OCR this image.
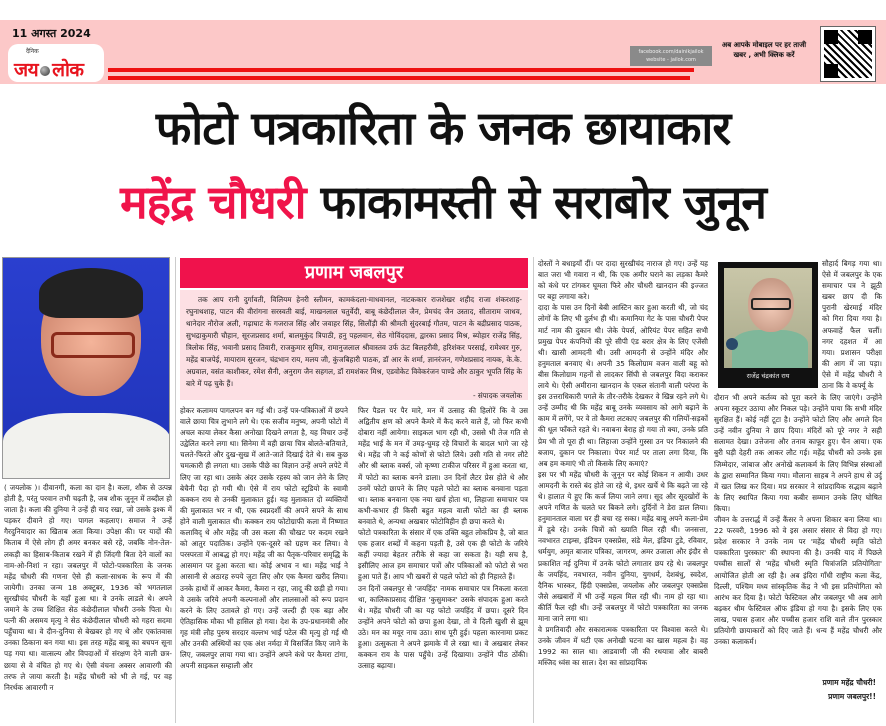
11 अगस्त 2024
दैनिक
जय लोक
facebook.com/dainikjailok
website - jailok.com
अब आपके मोबाइल पर हर ताजी
खबर , अभी क्लिक करें
फोटो पत्रकारिता के जनक छायाकार
महेंद्र चौधरी फाकामस्ती से सराबोर जुनून
( जयलोक )। दीवानगी, कला का दान है। कला, शौक से उत्पन्न होती है, परंतु परवान तभी चढ़ती है, जब शौक जुनून में तब्दील हो जाता है। कला की दुनिया ने उन्हें ही याद रखा, जो उसके इश्क में पड़कर दीवाने हो गए। पागल कहलाए। समाज ने उन्हें गैरदुनियादार का खिताब अता किया। उपेक्षा की। पर यादों की किताब में ऐसे लोग ही अमर बनकर बसे रहे, जबकि नोन-तेल-लकड़ी का हिसाब-किताब रखने में ही जिंदगी बिता देने वालों का नाम-ओ-निशां न रहा। जबलपुर में फोटो-पत्रकारिता के जनक महेंद्र चौधरी की गणना ऐसे ही कला-साधक के रूप में की जायेगी। उनका जन्म 18 अक्टूबर, 1936 को भगतलाल सुरखीचंद चौधरी के यहाँ हुआ था। वे उनके लाडले थे। अपने जमाने के उच्च शिक्षित सेठ कंछेदीलाल चौधरी उनके पिता थे। पत्नी की असमय मृत्यु ने सेठ कंछेदीलाल चौधरी को गहरा सदमा पहुँचाया था। वे दीन-दुनिया से बेखबर हो गए थे और एकांतवास उनका ठिकाना बन गया था। इस तरह महेंद्र बाबू का बचपन सूना पड़ गया था। वात्सल्य और विपदाओं में संरक्षण देने वाली छत्र-छाया से वे वंचित हो गए थे। ऐसी वंचना अक्सर आवारगी की तरफ ले जाया करती है। महेंद्र चौधरी को भी ले गई, पर वह निरर्थक आवारगी न
प्रणाम जबलपुर
तक आप रानी दुर्गावती, विलियम हेनरी स्लीमन, कामकंदला-माधवानल, नाटककार राजशेखर शहीद राजा शंकरशाह-रघुनाथशाह, पाटन की वीरांगना सरस्वती बाई, माखनलाल चतुर्वेदी, बाबू कंछेदीलाल जैन, प्रेमचंद जैन उस्ताद, सीताराम जाधव, थानेदार नौरोज अली, गढ़ाघाट के गजराज सिंह और जवाहर सिंह, सिलौंड़ी की श्रीमती सुंदरबाई गौतम, पाटन के बद्रीप्रसाद पाठक, सुभद्राकुमारी चौहान, सूरजप्रसाद शर्मा, बालमुकुंद त्रिपाठी, हनु पहलवान, सेठ गोविंददास, द्वारका प्रसाद मिश्र, ब्योहार राजेंद्र सिंह, त्रिलोक सिंह, भवानी प्रसाद तिवारी, राजकुमार सुमित्र, रामानुजलाल श्रीवास्तव उर्फ ऊंट बिलहरीवी, हरिशंकर परसाई, रामेश्वर गुरु, महेंद्र बाजपेई, मायाराम सुरजन, चंद्रभान राय, मलय जी, कुंजबिहारी पाठक, डॉ आर के शर्मा, ज्ञानरंजन, गणेशप्रसाद नायक, के.के. अग्रवाल, वसंत काशीकर, रमेश सैनी, अनुराग जैन सहगल, डॉ रामशंकर मिश्र, एडवोकेट विवेकरंजन पाण्डे और ठाकुर भूपति सिंह के बारे में पढ़ चुके हैं।
- संपादक जयलोक
होकर कलामय पागलपन बन गई थी। उन्हें पत्र-पत्रिकाओं में छपने वाले छाया चित्र लुभाने लगे थे। एक सजीव मनुष्य, अपनी फोटो में अचल काया लेकर कैसा अनोखा दिखने लगता है, यह विचार उन्हें उद्वेलित करने लगा था। सिनेमा में वही छाया चित्र बोलते-बतियाते, चलते-फिरते और दुख-सुख में आते-जाते दिखाई देते थे। सब कुछ चमत्कारी ही लगता था। उसके पीछे का विज्ञान उन्हें अपने लपेटे में लिए जा रहा था। उसके अंदर उसके रहस्य को जान लेने के लिए बेचैनी पैदा हो गयी थी। ऐसे में राय फोटो स्टूडियो के स्वामी कक्कन राय से उनकी मुलाकात हुई। यह मुलाकात दो व्यक्तियों की मुलाकात भर न थी, एक स्वप्नदर्शी की अपने सपने के साथ होने वाली मुलाकात थी। कक्कन राय फोटोग्राफी कला में निष्णात कलाविद् थे और महेंद्र जी उस कला की चौखट पर कदम रखने को आतुर पदातिक। उन्होंने एक-दूसरे को ग्रहण कर लिया। वे परस्परता में आबद्ध हो गए। महेंद्र जी का पैतृक-परिवार समृद्धि के आसमान पर हुआ करता था। कोई अभाव न था। महेंद्र भाई ने आसानी से अठारह रुपये जुटा लिए और एक कैमरा खरीद लिया। उनके हाथों में आकर कैमरा, कैमरा न रहा, जादू की छड़ी हो गया। वे उसके जरिये अपनी कल्पनाओं और लालसाओं को रूप प्रदान करने के लिए उतावले हो गए। उन्हें जल्दी ही एक बड़ा और ऐतिहासिक मौका भी हासिल हो गया। देश के उप-प्रधानमंत्री और गृह मंत्री लौह पुरुष सरदार वल्लभ भाई पटेल की मृत्यु हो गई थी और उनकी अस्थियों का एक अंश नर्मदा में विसर्जित किए जाने के लिए, जबलपुर लाया गया था। उन्होंने अपने कंधे पर कैमरा टांगा, अपनी साइकल सम्हाली और
फिर पैडल पर पैर मारे, मन में उत्साह की हिलोरें कि वे उस अद्वितीय क्षण को अपने कैमरे में कैद करने वाले हैं, जो फिर कभी दोबारा नहीं आयेगा। साइकल भाग रही थी, उससे भी तेज गति से महेंद्र भाई के मन में उमड़-घुमड़ रहे विचारों के बादल भागे जा रहे थे। महेंद्र जी ने कई कोणों से फोटो लिये। उसी गति से नगर लौटे और श्री ब्लाक वर्क्स, जो कृष्णा टाकीज परिसर में हुआ करता था, में फोटो का ब्लाक बनने डाला। उन दिनों लैटर प्रेस होते थे और उनमें फोटो छापने के लिए पहले फोटो का ब्लाक बनवाना पड़ता था। ब्लाक बनवाना एक नया खर्च होता था, लिहाजा समाचार पत्र कभी-कभार ही किसी बहुत महत्व वाली फोटो का ही ब्लाक बनवाते थे, अन्यथा अखबार फोटोविहीन ही छपा करते थे।
फोटो पत्रकारिता के संसार में एक उक्ति बहुत लोकप्रिय है, जो बात एक हजार शब्दों में कहना पड़ती है, उसे एक ही फोटो के जरिये कहीं ज्यादा बेहतर तरीके से कहा जा सकता है। यही सच है, इसीलिए आज हम समाचार पत्रों और पत्रिकाओं को फोटो से भरा हुआ पाते हैं। आप भी खबरों से पहले फोटो को ही निहारते हैं।
उन दिनों जबलपुर से 'जयहिंद' नामक समाचार पत्र निकला करता था, कालिकाप्रसाद दीक्षित 'कुसुमाकर' उसके संपादक हुआ करते थे। महेंद्र चौधरी जी का यह फोटो जयहिंद में छपा। दूसरे दिन उन्होंने अपने फोटो को छपा हुआ देखा, तो वे दिली खुशी से झूम उठे। मन का मयूर नाच उठा। साध पूरी हुई। पहला कारनामा प्रकट हुआ। उत्सुकता ने अपने झमाके में ले रखा था। वे अखबार लेकर कक्कन राय के पास पहुँचे। उन्हें दिखाया। उन्होंने पीठ ठोंकी। उत्साह बढ़ाया।
दोस्तों ने बधाइयाँ दीं। पर दादा सुरखीचंद नाराज हो गए। उन्हें यह बात जरा भी गवारा न थी, कि एक अमीर घराने का लड़का कैमरे को कंधे पर टांगकर घूमता फिरे और चौधरी खानदान की इज्जत पर बट्टा लगाया करे।
दादा के पास उन दिनों बेबी आस्टिन कार हुआ करती थी, जो चंद लोगों के लिए भी दुर्लभ ही थी। कमानिया गेट के पास चौधरी पेपर मार्ट नाम की दुकान थी। जेके पेपर्स, ओरियंट पेपर सहित सभी प्रमुख पेपर कंपनियों की पूरे सीपी एंड बरार क्षेत्र के लिए एजेंसी थी। खासी आमदनी थी। उसी आमदनी से उन्होंने मंदिर और हनुमताल बनवाए थे। अपनी 35 किलोग्राम वजन वाली बहू को बीस किलोग्राम गहनों से लादकर सिंघी से जबलपुर विदा कराकर लाये थे। ऐसी अमीराना खानदान के एकल संतानी वाली परंपरा के इस उत्तराधिकारी पगले के तौर-तरीके देखकर वे खिन्न रहने लगे थे। उन्हें उम्मीद थी कि महेंद्र बाबू उनके व्यवसाय को आगे बढ़ाने के काम में लगेंगे, पर वे तो कैमरा लटकाए जबलपुर की गलियों-सड़कों की धूल फाँकते रहते थे। नवाबना बेराह हो गया तो क्या, उनके प्रति प्रेम भी तो पूरा ही था। लिहाजा उन्होंने गुस्सा उन पर निकालने की बजाय, दुकान पर निकाला। पेपर मार्ट पर ताला लगा दिया, कि अब हम कमाएं भी तो किसके लिए कमाएं?
इस पर भी महेंद्र चौधरी के जुनून पर कोई शिकन न आयी। उधर आमदनी के रास्ते बंद होते जा रहे थे, इधर खर्चे थे कि बढ़ते जा रहे थे। हालात ये हुए कि कर्ज लिया जाने लगा। सूद और सूदखोरों के अपने गणित के चलते घर बिकने लगे। दुर्दिनों ने डेरा डाल लिया। हनुमानताल वाला घर ही बचा रह सका। महेंद्र बाबू अपने कला-प्रेम में डूबे रहे। उनके चित्रों को ख्याति मिल रही थी। जनसत्ता, नवभारत टाइम्स, इंडियन एक्सप्रेस, संडे मेल, इंडिया टुडे, रविवार, धर्मयुग, अमृत बाजार पत्रिका, जागरण, अमर उजाला और इंदौर से प्रकाशित नई दुनिया में उनके फोटो लगातार छप रहे थे। जबलपुर के जयहिंद, नवभारत, नवीन दुनिया, युगधर्म, देशबंधु, स्वदेश, दैनिक भास्कर, हिंदी एक्सप्रेस, जयलोक और जबलपुर एक्सप्रेस जैसे अखबारों में भी उन्हें महत्व मिल रही थी। नाम हो रहा था। कीर्ति फैल रही थी। उन्हें जबलपुर में फोटो पत्रकारिता का जनक माना जाने लगा था।
वे प्रगतिवादी और सकारात्मक पत्रकारिता पर विश्वास करते थे। उनके जीवन में घटी एक अनोखी घटना का खास महत्व है। वह 1992 का साल था। आडवाणी जी की रथयात्रा और बाबरी मस्जिद ध्वंस का साल। देश का सांप्रदायिक
राजेंद्र चंद्रकांत राय
सौहार्द बिगड़ गया था। ऐसे में जबलपुर के एक समाचार पत्र ने झूठी खबर छाप दी कि पुरानी खेरमाई मंदिर को गिरा दिया गया है। अफवाहें फैल चलीं। नगर दहशत में आ गया। प्रशासन परीक्षा की आग में जा पड़ा। ऐसे में महेंद्र चौधरी ने ठाना कि वे कर्फ्यू के
दौरान भी अपने कर्तव्य को पूरा करने के लिए जाएंगे। उन्होंने अपना स्कूटर उठाया और निकल पड़े। उन्होंने पाया कि सभी मंदिर सुरक्षित हैं। कोई नहीं टूटा है। उन्होंने फोटो लिए और अगले दिन उन्हें नवीन दुनिया ने छाप दिया। मंदिरों को पूरे नगर ने सही सलामत देखा। उत्तेजना और तनाव काफूर हुए। चैन आया। एक बुरी घड़ी देहरी तक आकर लौट गई। महेंद्र चौधरी को उनके इस जिम्मेदार, जांबाज और अनोखे कलाकर्म के लिए विभिन्न संस्थाओं के द्वारा सम्मानित किया गया। मौलाना साहब ने अपने हाथ से उर्दू में खत लिख कर दिया। मप्र सरकार ने सांप्रदायिक सद्भाव बढ़ाने के लिए स्थापित किया गया कबीर सम्मान उनके लिए घोषित किया।
जीवन के उत्तरार्द्ध में उन्हें कैंसर ने अपना शिकार बना लिया था। 22 फरवरी, 1996 को वे इस असार संसार से विदा हो गए। प्रदेश सरकार ने उनके नाम पर 'महेंद्र चौधरी स्मृति फोटो पत्रकारिता पुरस्कार' की स्थापना की है। उनकी याद में पिछले पच्चीस सालों से 'महेंद्र चौधरी स्मृति चित्रांजलि प्रतियोगिता' आयोजित होती आ रही है। अब इंदिरा गाँधी राष्ट्रीय कला केंद्र, दिल्ली, पश्चिम मध्य सांस्कृतिक केंद्र ने भी इस प्रतियोगिता को आरंभ कर दिया है। फोटो फेस्टिवल और जबलपुर भी अब आगे बढ़कर थीम फेस्टिवल ऑफ इंडिया हो गया है। इसके लिए एक लाख, पचास हजार और पच्चीस हजार राशि वाले तीन पुरस्कार प्रतियोगी छायाकारों को दिए जाते हैं। धन्य हैं महेंद्र चौधरी और उनका कलाकर्म।
प्रणाम महेंद्र चौधरी!
प्रणाम जबलपुर!!
